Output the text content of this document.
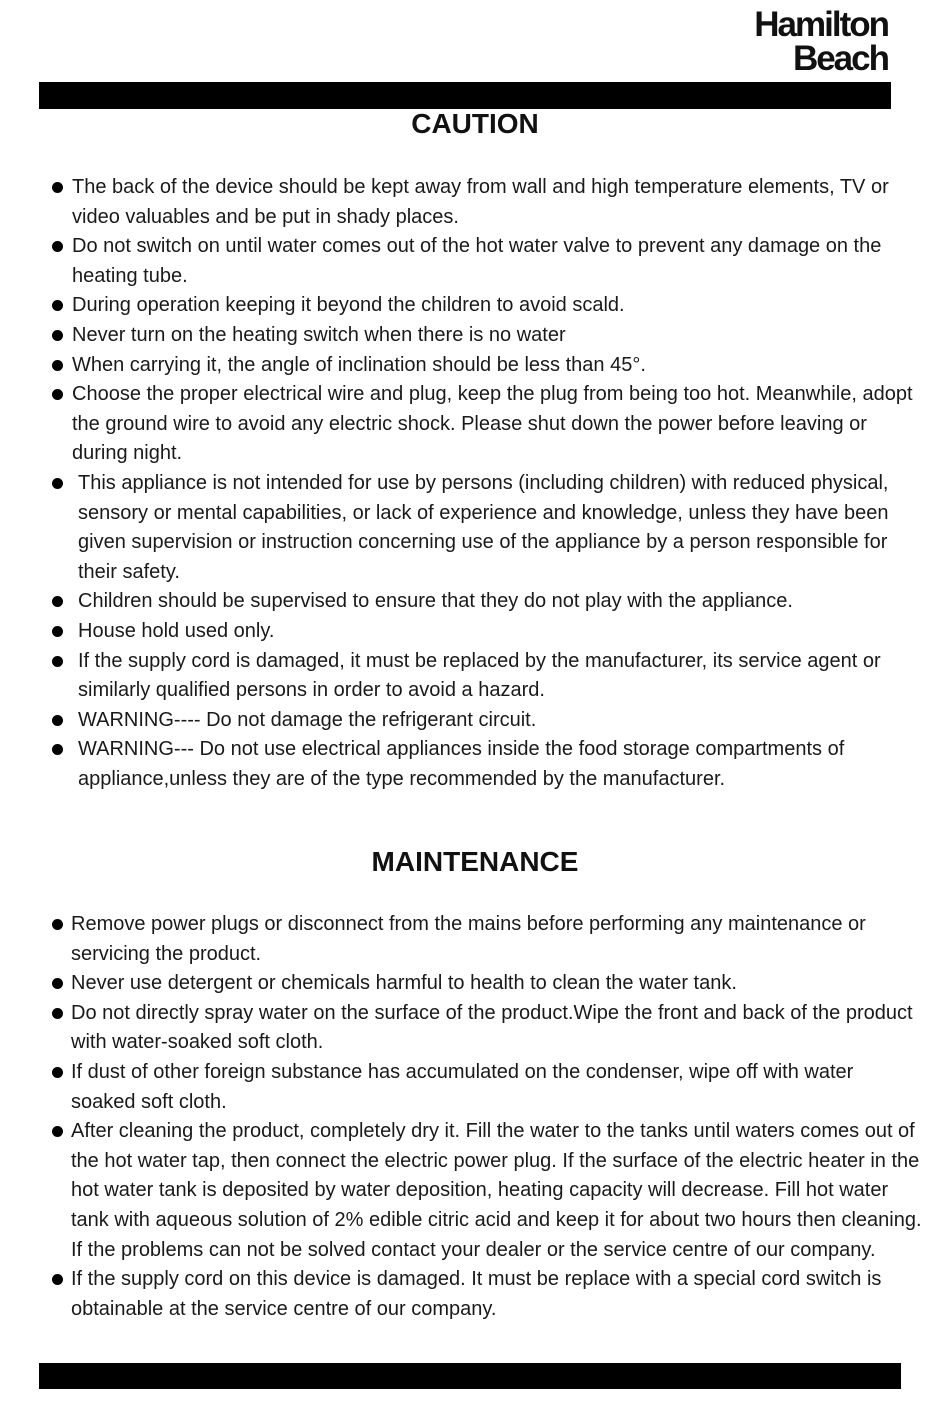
Hamilton
Beach
CAUTION
The back of the device should be kept away from wall and high temperature elements, TV or video valuables and be put in shady places.
Do not switch on until water comes out of the hot water valve to prevent any damage on the heating tube.
During operation keeping it beyond the children to avoid scald.
Never turn on the heating switch when there is no water
When carrying it, the angle of inclination should be less than 45°.
Choose the proper electrical wire and plug, keep the plug from being too hot. Meanwhile, adopt the ground wire to avoid any electric shock. Please shut down the power before leaving or during night.
This appliance is not intended for use by persons (including children) with reduced physical, sensory or mental capabilities, or lack of experience and knowledge, unless they have been given supervision or instruction concerning use of the appliance by a person responsible for their safety.
Children should be supervised to ensure that they do not play with the appliance.
House hold used only.
If the supply cord is damaged, it must be replaced by the manufacturer, its service agent or similarly qualified persons in order to avoid a hazard.
WARNING---- Do not damage the refrigerant circuit.
WARNING--- Do not use electrical appliances inside the food storage compartments of appliance,unless they are of the type recommended by the manufacturer.
MAINTENANCE
Remove power plugs or disconnect from the mains before performing any maintenance or servicing the product.
Never use detergent or chemicals harmful to health to clean the water tank.
Do not directly spray water on the surface of the product.Wipe the front and back of the product with water-soaked soft cloth.
If dust of other foreign substance has accumulated on the condenser, wipe off with water soaked soft cloth.
After cleaning the product, completely dry it. Fill the water to the tanks until waters comes out of the hot water tap, then connect the electric power plug. If the surface of the electric heater in the hot water tank is deposited by water deposition, heating capacity will decrease. Fill hot water tank with aqueous solution of 2% edible citric acid and keep it for about two hours then cleaning. If the problems can not be solved contact your dealer or the service centre of our company.
If the supply cord on this device is damaged. It must be replace with a special cord switch is obtainable at the service centre of our company.
